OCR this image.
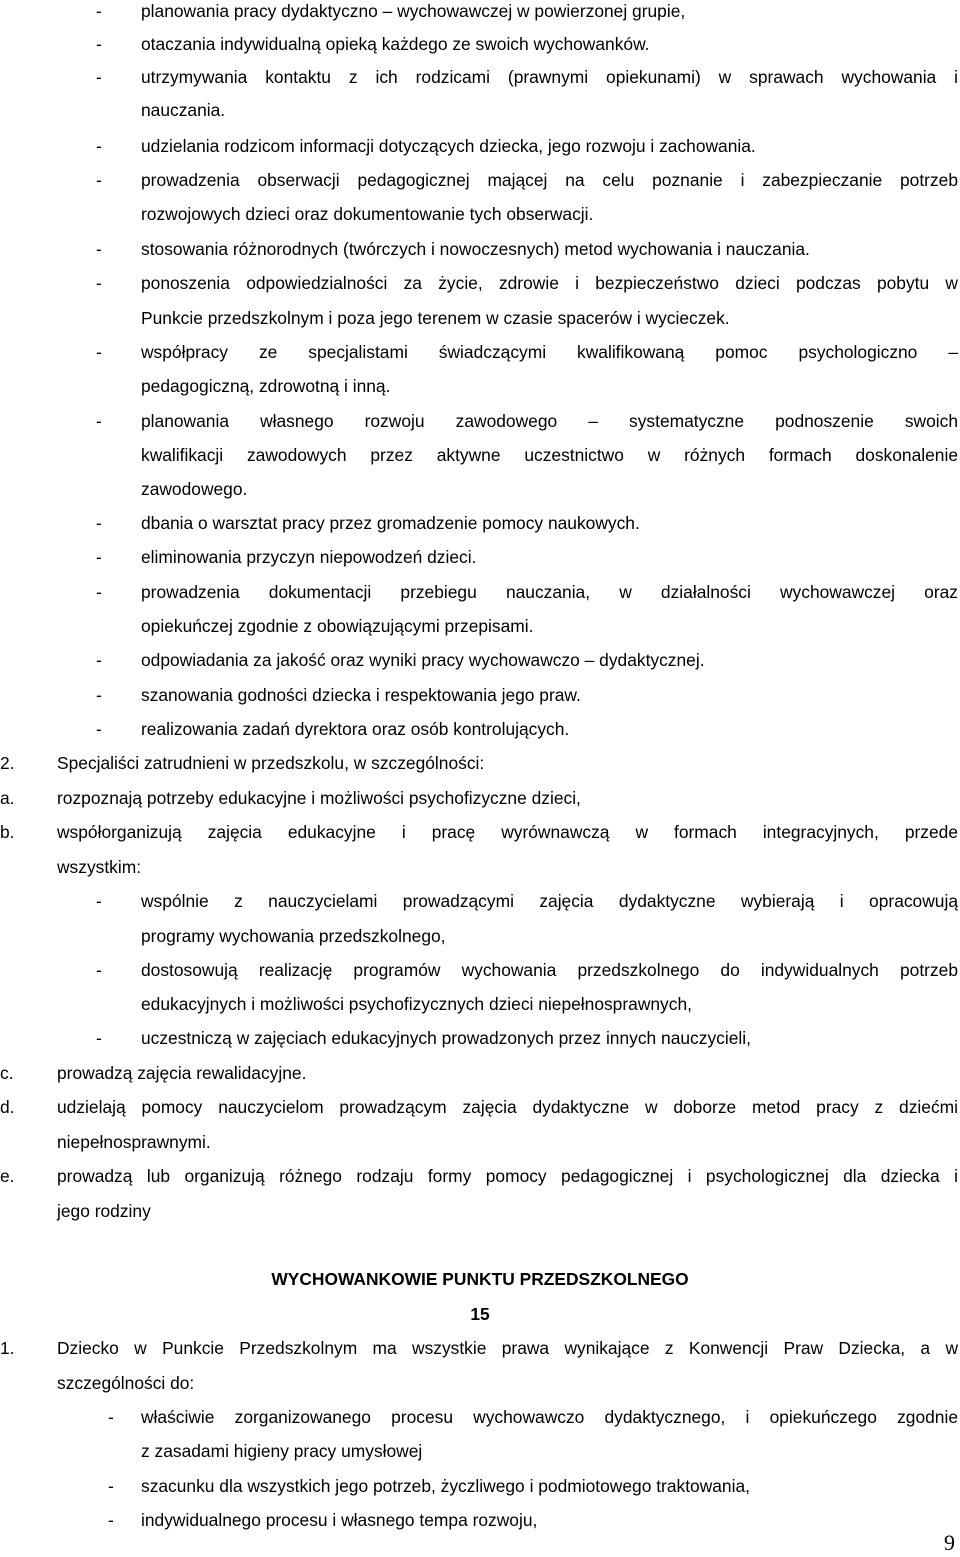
- planowania pracy dydaktyczno – wychowawczej w powierzonej grupie,
- otaczania indywidualną opieką każdego ze swoich wychowanków.
- utrzymywania kontaktu z ich rodzicami (prawnymi opiekunami) w sprawach wychowania i
nauczania.
- udzielania rodzicom informacji dotyczących dziecka, jego rozwoju i zachowania.
- prowadzenia obserwacji pedagogicznej mającej na celu poznanie i zabezpieczanie potrzeb
rozwojowych dzieci oraz dokumentowanie tych obserwacji.
- stosowania różnorodnych (twórczych i nowoczesnych) metod wychowania i nauczania.
- ponoszenia odpowiedzialności za życie, zdrowie i bezpieczeństwo dzieci podczas pobytu w
Punkcie przedszkolnym i poza jego terenem w czasie spacerów i wycieczek.
- współpracy ze specjalistami świadczącymi kwalifikowaną pomoc psychologiczno –
pedagogiczną, zdrowotną i inną.
- planowania własnego rozwoju zawodowego – systematyczne podnoszenie swoich
kwalifikacji zawodowych przez aktywne uczestnictwo w różnych formach doskonalenie
zawodowego.
- dbania o warsztat pracy przez gromadzenie pomocy naukowych.
- eliminowania przyczyn niepowodzeń dzieci.
- prowadzenia dokumentacji przebiegu nauczania, w działalności wychowawczej oraz
opiekuńczej zgodnie z obowiązującymi przepisami.
- odpowiadania za jakość oraz wyniki pracy wychowawczo – dydaktycznej.
- szanowania godności dziecka i respektowania jego praw.
- realizowania zadań dyrektora oraz osób kontrolujących.
2. Specjaliści zatrudnieni w przedszkolu, w szczególności:
a. rozpoznają potrzeby edukacyjne i możliwości psychofizyczne dzieci,
b. współorganizują zajęcia edukacyjne i pracę wyrównawczą w formach integracyjnych, przede
wszystkim:
- wspólnie z nauczycielami prowadzącymi zajęcia dydaktyczne wybierają i opracowują
programy wychowania przedszkolnego,
- dostosowują realizację programów wychowania przedszkolnego do indywidualnych potrzeb
edukacyjnych i możliwości psychofizycznych dzieci niepełnosprawnych,
- uczestniczą w zajęciach edukacyjnych prowadzonych przez innych nauczycieli,
c. prowadzą zajęcia rewalidacyjne.
d. udzielają pomocy nauczycielom prowadzącym zajęcia dydaktyczne w doborze metod pracy z dziećmi
niepełnosprawnymi.
e. prowadzą lub organizują różnego rodzaju formy pomocy pedagogicznej i psychologicznej dla dziecka i
jego rodziny
WYCHOWANKOWIE PUNKTU PRZEDSZKOLNEGO
15
1. Dziecko w Punkcie Przedszkolnym ma wszystkie prawa wynikające z Konwencji Praw Dziecka, a w
szczególności do:
- właściwie zorganizowanego procesu wychowawczo dydaktycznego, i opiekuńczego zgodnie
z zasadami higieny pracy umysłowej
- szacunku dla wszystkich jego potrzeb, życzliwego i podmiotowego traktowania,
- indywidualnego procesu i własnego tempa rozwoju,
9
